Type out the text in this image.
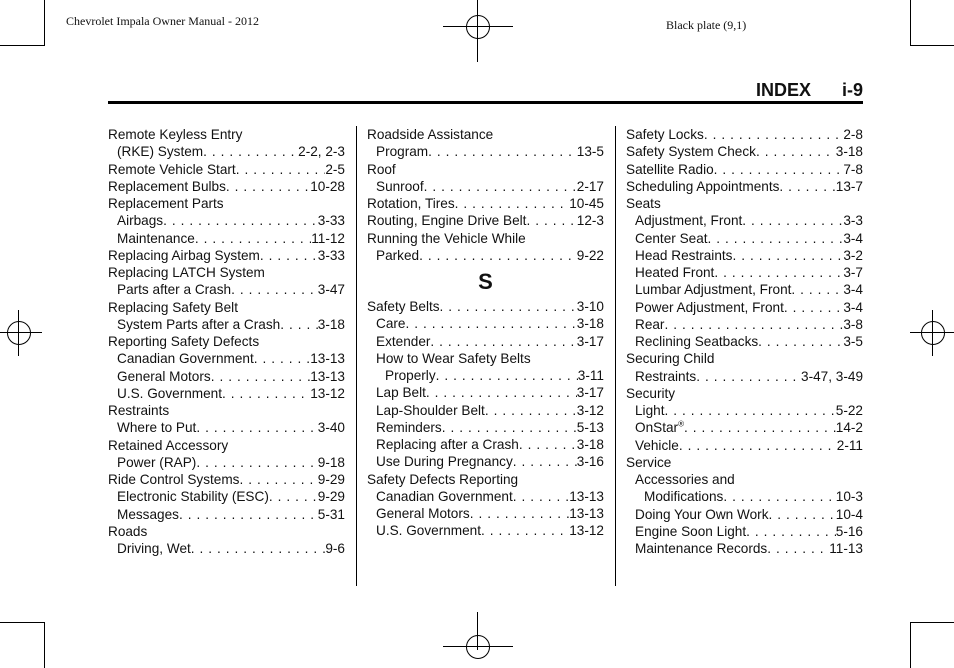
Chevrolet Impala Owner Manual - 2012	Black plate (9,1)
INDEX i-9
Remote Keyless Entry
(RKE) System . . .	2-2, 2-3
Remote Vehicle Start . . .	2-5
Replacement Bulbs . . .	10-28
Replacement Parts
Airbags . . .	3-33
Maintenance . . .	11-12
Replacing Airbag System . . .	3-33
Replacing LATCH System
Parts after a Crash . . .	3-47
Replacing Safety Belt
System Parts after a Crash . . .	3-18
Reporting Safety Defects
Canadian Government . . .	13-13
General Motors . . .	13-13
U.S. Government . . .	13-12
Restraints
Where to Put . . .	3-40
Retained Accessory
Power (RAP) . . .	9-18
Ride Control Systems . . .	9-29
Electronic Stability (ESC) . . .	9-29
Messages . . .	5-31
Roads
Driving, Wet . . .	9-6
Roadside Assistance
Program . . .	13-5
Roof
Sunroof . . .	2-17
Rotation, Tires . . .	10-45
Routing, Engine Drive Belt . . .	12-3
Running the Vehicle While
Parked . . .	9-22
S
Safety Belts . . .	3-10
Care . . .	3-18
Extender . . .	3-17
How to Wear Safety Belts
Properly . . .	3-11
Lap Belt . . .	3-17
Lap-Shoulder Belt . . .	3-12
Reminders . . .	5-13
Replacing after a Crash . . .	3-18
Use During Pregnancy . . .	3-16
Safety Defects Reporting
Canadian Government . . .	13-13
General Motors . . .	13-13
U.S. Government . . .	13-12
Safety Locks . . .	2-8
Safety System Check . . .	3-18
Satellite Radio . . .	7-8
Scheduling Appointments . . .	13-7
Seats
Adjustment, Front . . .	3-3
Center Seat . . .	3-4
Head Restraints . . .	3-2
Heated Front . . .	3-7
Lumbar Adjustment, Front . . .	3-4
Power Adjustment, Front . . .	3-4
Rear . . .	3-8
Reclining Seatbacks . . .	3-5
Securing Child
Restraints . . .	3-47, 3-49
Security
Light . . .	5-22
OnStar® . . .	14-2
Vehicle . . .	2-11
Service
Accessories and
Modifications . . .	10-3
Doing Your Own Work . . .	10-4
Engine Soon Light . . .	5-16
Maintenance Records . . .	11-13
